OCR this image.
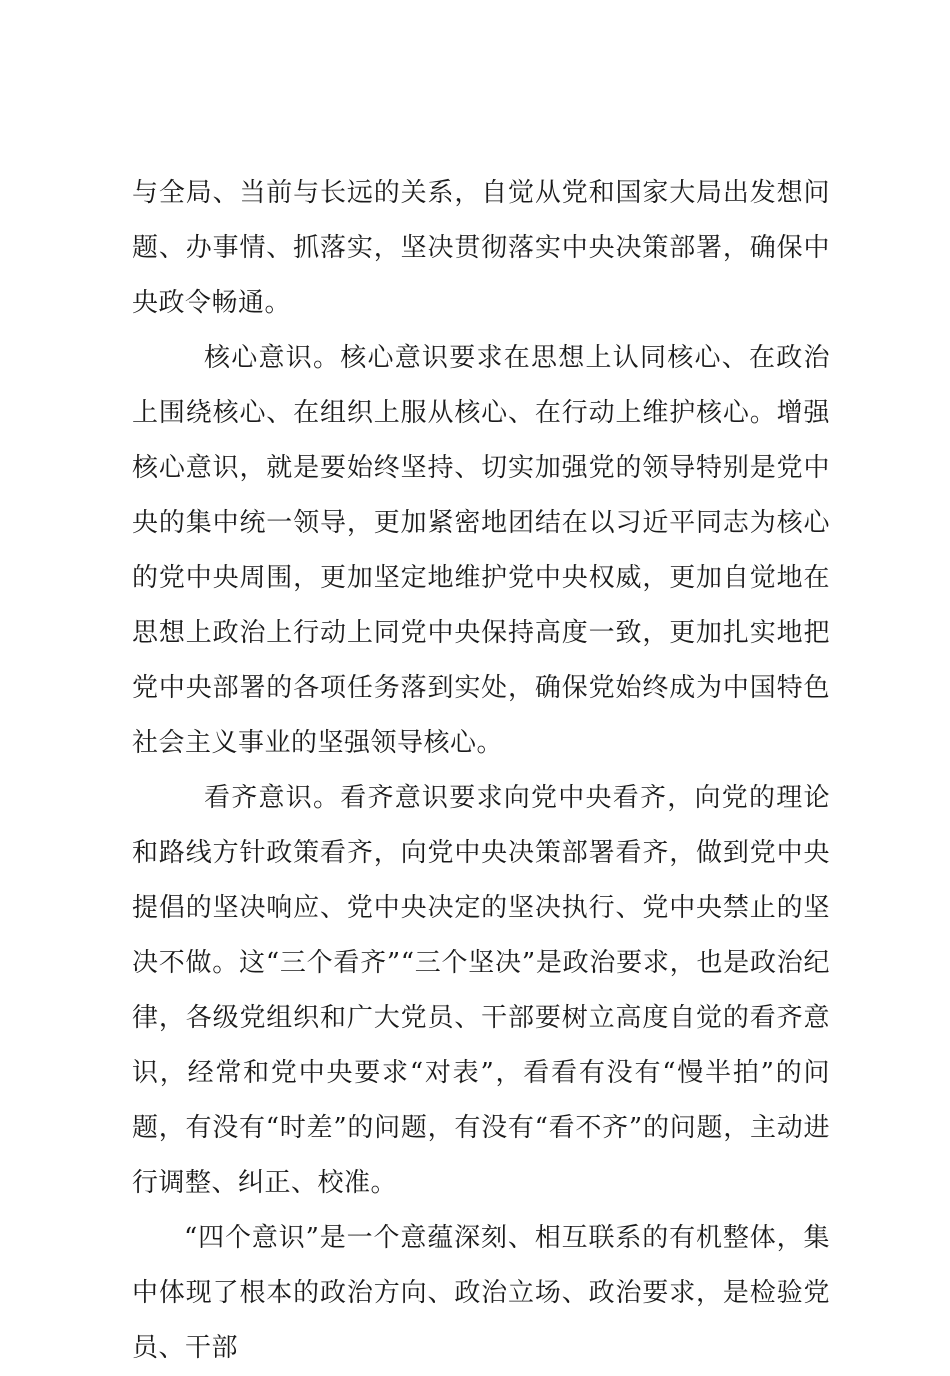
与全局、当前与长远的关系，自觉从党和国家大局出发想问题、办事情、抓落实，坚决贯彻落实中央决策部署，确保中央政令畅通。

核心意识。核心意识要求在思想上认同核心、在政治上围绕核心、在组织上服从核心、在行动上维护核心。增强核心意识，就是要始终坚持、切实加强党的领导特别是党中央的集中统一领导，更加紧密地团结在以习近平同志为核心的党中央周围，更加坚定地维护党中央权威，更加自觉地在思想上政治上行动上同党中央保持高度一致，更加扎实地把党中央部署的各项任务落到实处，确保党始终成为中国特色社会主义事业的坚强领导核心。

看齐意识。看齐意识要求向党中央看齐，向党的理论和路线方针政策看齐，向党中央决策部署看齐，做到党中央提倡的坚决响应、党中央决定的坚决执行、党中央禁止的坚决不做。这“三个看齐”“三个坚决”是政治要求，也是政治纪律，各级党组织和广大党员、干部要树立高度自觉的看齐意识，经常和党中央要求“对表”，看看有没有“慢半拍”的问题，有没有“时差”的问题，有没有“看不齐”的问题，主动进行调整、纠正、校准。

“四个意识”是一个意蕴深刻、相互联系的有机整体，集中体现了根本的政治方向、政治立场、政治要求，是检验党员、干部
